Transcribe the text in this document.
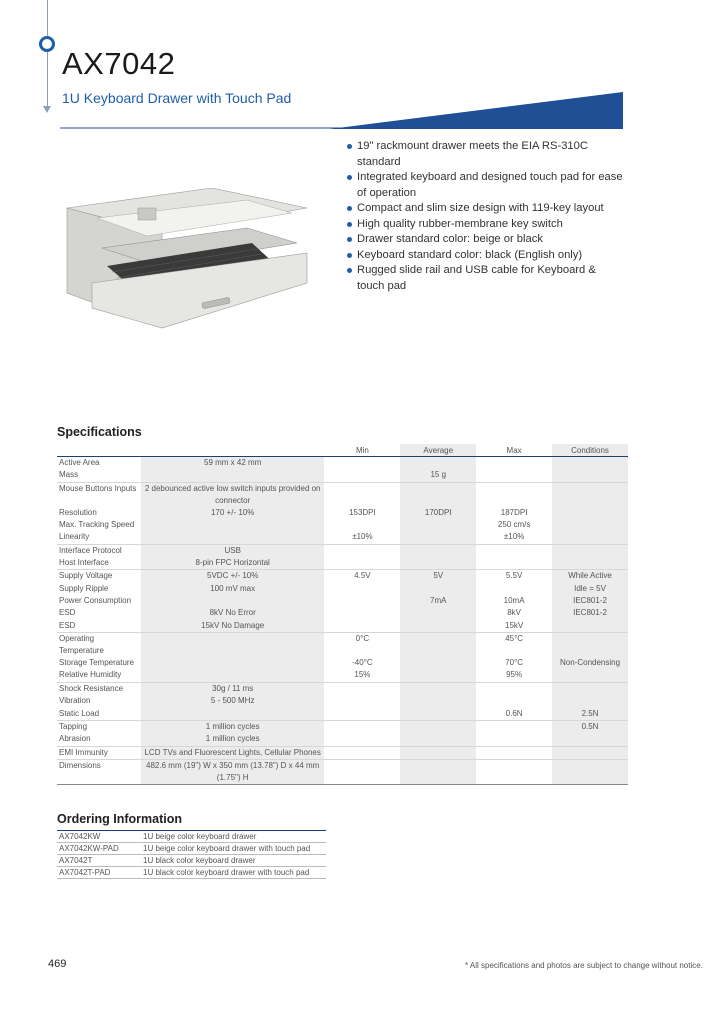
AX7042
1U Keyboard Drawer with Touch Pad
19" rackmount drawer meets the EIA RS-310C standard
Integrated keyboard and designed touch pad for ease of operation
Compact and slim size design with 119-key layout
High quality rubber-membrane key switch
Drawer standard color: beige or black
Keyboard standard color: black (English only)
Rugged slide rail and USB cable for Keyboard & touch pad
Specifications
		Min	Average	Max	Conditions
Active Area	59 mm x 42 mm				
Mass			15 g		
Mouse Buttons Inputs	2 debounced active low switch inputs provided on connector				
Resolution	170 +/- 10%	153DPI	170DPI	187DPI	
Max. Tracking Speed				250 cm/s	
Linearity		±10%		±10%	
Interface Protocol	USB				
Host Interface	8-pin FPC Horizontal				
Supply Voltage	5VDC +/- 10%	4.5V	5V	5.5V	While Active
Supply Ripple	100 mV max				Idle = 5V
Power Consumption			7mA	10mA	IEC801-2
ESD	8kV No Error			8kV	IEC801-2
ESD	15kV No Damage			15kV	
Operating Temperature		0°C		45°C	
Storage Temperature		-40°C		70°C	Non-Condensing
Relative Humidity		15%		95%	
Shock Resistance	30g / 11 ms				
Vibration	5 - 500 MHz				
Static Load				0.6N	2.5N
Tapping	1 million cycles				0.5N
Abrasion	1 million cycles				
EMI Immunity	LCD TVs and Fluorescent Lights, Cellular Phones				
Dimensions	482.6 mm (19") W x 350 mm (13.78") D x 44 mm (1.75") H				
Ordering Information
AX7042KW	1U beige color keyboard drawer
AX7042KW-PAD	1U beige color keyboard drawer with touch pad
AX7042T	1U black color keyboard drawer
AX7042T-PAD	1U black color keyboard drawer with touch pad
469	* All specifications and photos are subject to change without notice.
